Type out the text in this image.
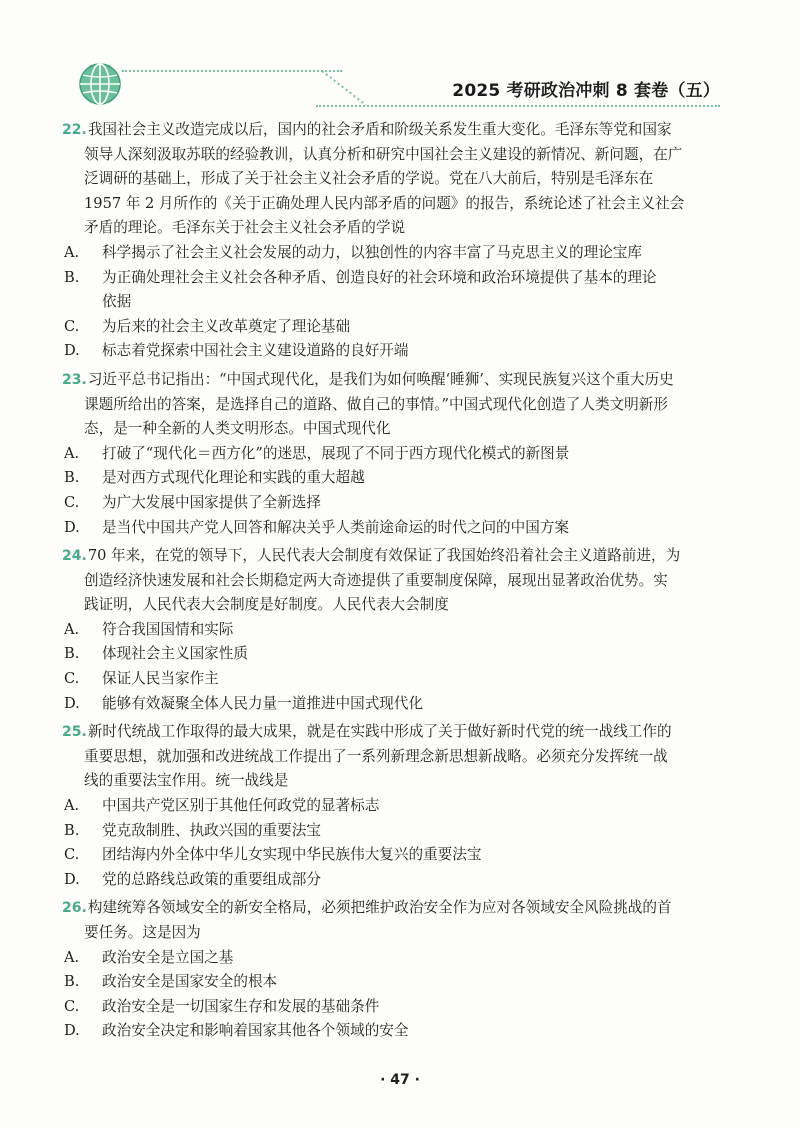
2025 考研政治冲刺 8 套卷（五）

22.我国社会主义改造完成以后，国内的社会矛盾和阶级关系发生重大变化。毛泽东等党和国家

领导人深刻汲取苏联的经验教训，认真分析和研究中国社会主义建设的新情况、新问题，在广

泛调研的基础上，形成了关于社会主义社会矛盾的学说。党在八大前后，特别是毛泽东在

1957 年 2 月所作的《关于正确处理人民内部矛盾的问题》的报告，系统论述了社会主义社会

矛盾的理论。毛泽东关于社会主义社会矛盾的学说

A. 科学揭示了社会主义社会发展的动力，以独创性的内容丰富了马克思主义的理论宝库

B. 为正确处理社会主义社会各种矛盾、创造良好的社会环境和政治环境提供了基本的理论

依据

C. 为后来的社会主义改革奠定了理论基础

D. 标志着党探索中国社会主义建设道路的良好开端

23.习近平总书记指出：“中国式现代化，是我们为如何唤醒‘睡狮’、实现民族复兴这个重大历史

课题所给出的答案，是选择自己的道路、做自己的事情。”中国式现代化创造了人类文明新形

态，是一种全新的人类文明形态。中国式现代化

A. 打破了“现代化＝西方化”的迷思，展现了不同于西方现代化模式的新图景

B. 是对西方式现代化理论和实践的重大超越

C. 为广大发展中国家提供了全新选择

D. 是当代中国共产党人回答和解决关乎人类前途命运的时代之问的中国方案

24.70 年来，在党的领导下，人民代表大会制度有效保证了我国始终沿着社会主义道路前进，为

创造经济快速发展和社会长期稳定两大奇迹提供了重要制度保障，展现出显著政治优势。实

践证明，人民代表大会制度是好制度。人民代表大会制度

A. 符合我国国情和实际

B. 体现社会主义国家性质

C. 保证人民当家作主

D. 能够有效凝聚全体人民力量一道推进中国式现代化

25.新时代统战工作取得的最大成果，就是在实践中形成了关于做好新时代党的统一战线工作的

重要思想，就加强和改进统战工作提出了一系列新理念新思想新战略。必须充分发挥统一战

线的重要法宝作用。统一战线是

A. 中国共产党区别于其他任何政党的显著标志

B. 党克敌制胜、执政兴国的重要法宝

C. 团结海内外全体中华儿女实现中华民族伟大复兴的重要法宝

D. 党的总路线总政策的重要组成部分

26.构建统筹各领域安全的新安全格局，必须把维护政治安全作为应对各领域安全风险挑战的首

要任务。这是因为

A. 政治安全是立国之基

B. 政治安全是国家安全的根本

C. 政治安全是一切国家生存和发展的基础条件

D. 政治安全决定和影响着国家其他各个领域的安全

· 47 ·
